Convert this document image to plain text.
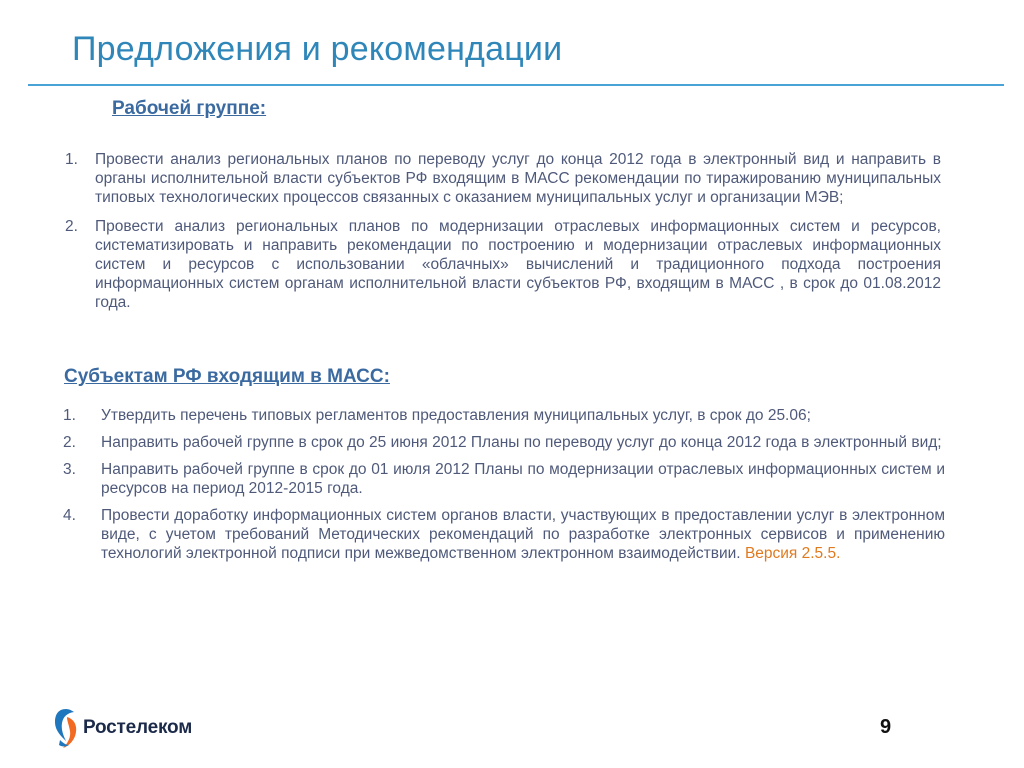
Предложения и рекомендации
Рабочей группе:
1. Провести анализ региональных планов по переводу услуг до конца 2012 года в электронный вид и направить в органы исполнительной власти субъектов РФ входящим в МАСС рекомендации по тиражированию муниципальных типовых технологических процессов связанных с оказанием муниципальных услуг и организации МЭВ;
2. Провести анализ региональных планов по модернизации отраслевых информационных систем и ресурсов, систематизировать и направить рекомендации по построению и модернизации отраслевых информационных систем и ресурсов с использовании «облачных» вычислений и традиционного подхода построения информационных систем органам исполнительной власти субъектов РФ, входящим в МАСС , в срок до 01.08.2012 года.
Субъектам РФ входящим в МАСС:
1. Утвердить перечень типовых регламентов предоставления муниципальных услуг, в срок до 25.06;
2. Направить рабочей группе в срок до 25 июня 2012 Планы по переводу услуг до конца 2012 года в электронный вид;
3. Направить рабочей группе в срок до 01 июля 2012 Планы по модернизации отраслевых информационных систем и ресурсов на период 2012-2015 года.
4. Провести доработку информационных систем органов власти, участвующих в предоставлении услуг в электронном виде, с учетом требований Методических рекомендаций по разработке электронных сервисов и применению технологий электронной подписи при межведомственном электронном взаимодействии. Версия 2.5.5.
Ростелеком	9
